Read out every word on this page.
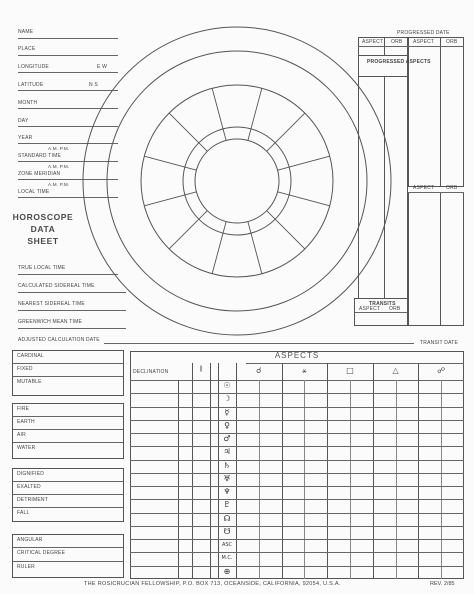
NAME
PLACE
LONGITUDE	E W
LATITUDE	N S
MONTH
DAY
YEAR
A.M. P.M.
STANDARD TIME
A.M. P.M.
ZONE MERIDIAN
A.M. P.M.
LOCAL TIME
HOROSCOPE
DATA
SHEET
TRUE LOCAL TIME
CALCULATED SIDEREAL TIME
NEAREST SIDEREAL TIME
GREENWICH MEAN TIME
ADJUSTED CALCULATION DATE	TRANSIT DATE
PROGRESSED DATE
ASPECT ORB ASPECT ORB
PROGRESSED ASPECTS
ASPECT ORB
TRANSITS
ASPECT ORB
CARDINAL
FIXED
MUTABLE
FIRE
EARTH
AIR
WATER
DIGNIFIED
EXALTED
DETRIMENT
FALL
ANGULAR
CRITICAL DEGREE
RULER
ASPECTS
DECLINATION	||	☌	⚹	□	△	☍
☉
☽
☿
♀
♂
♃
♄
♅
♆
♇
☊
☋
ASC
M.C.
⊕
THE ROSICRUCIAN FELLOWSHIP, P.O. BOX 713, OCEANSIDE, CALIFORNIA, 92054, U.S.A.	REV. 2/85
